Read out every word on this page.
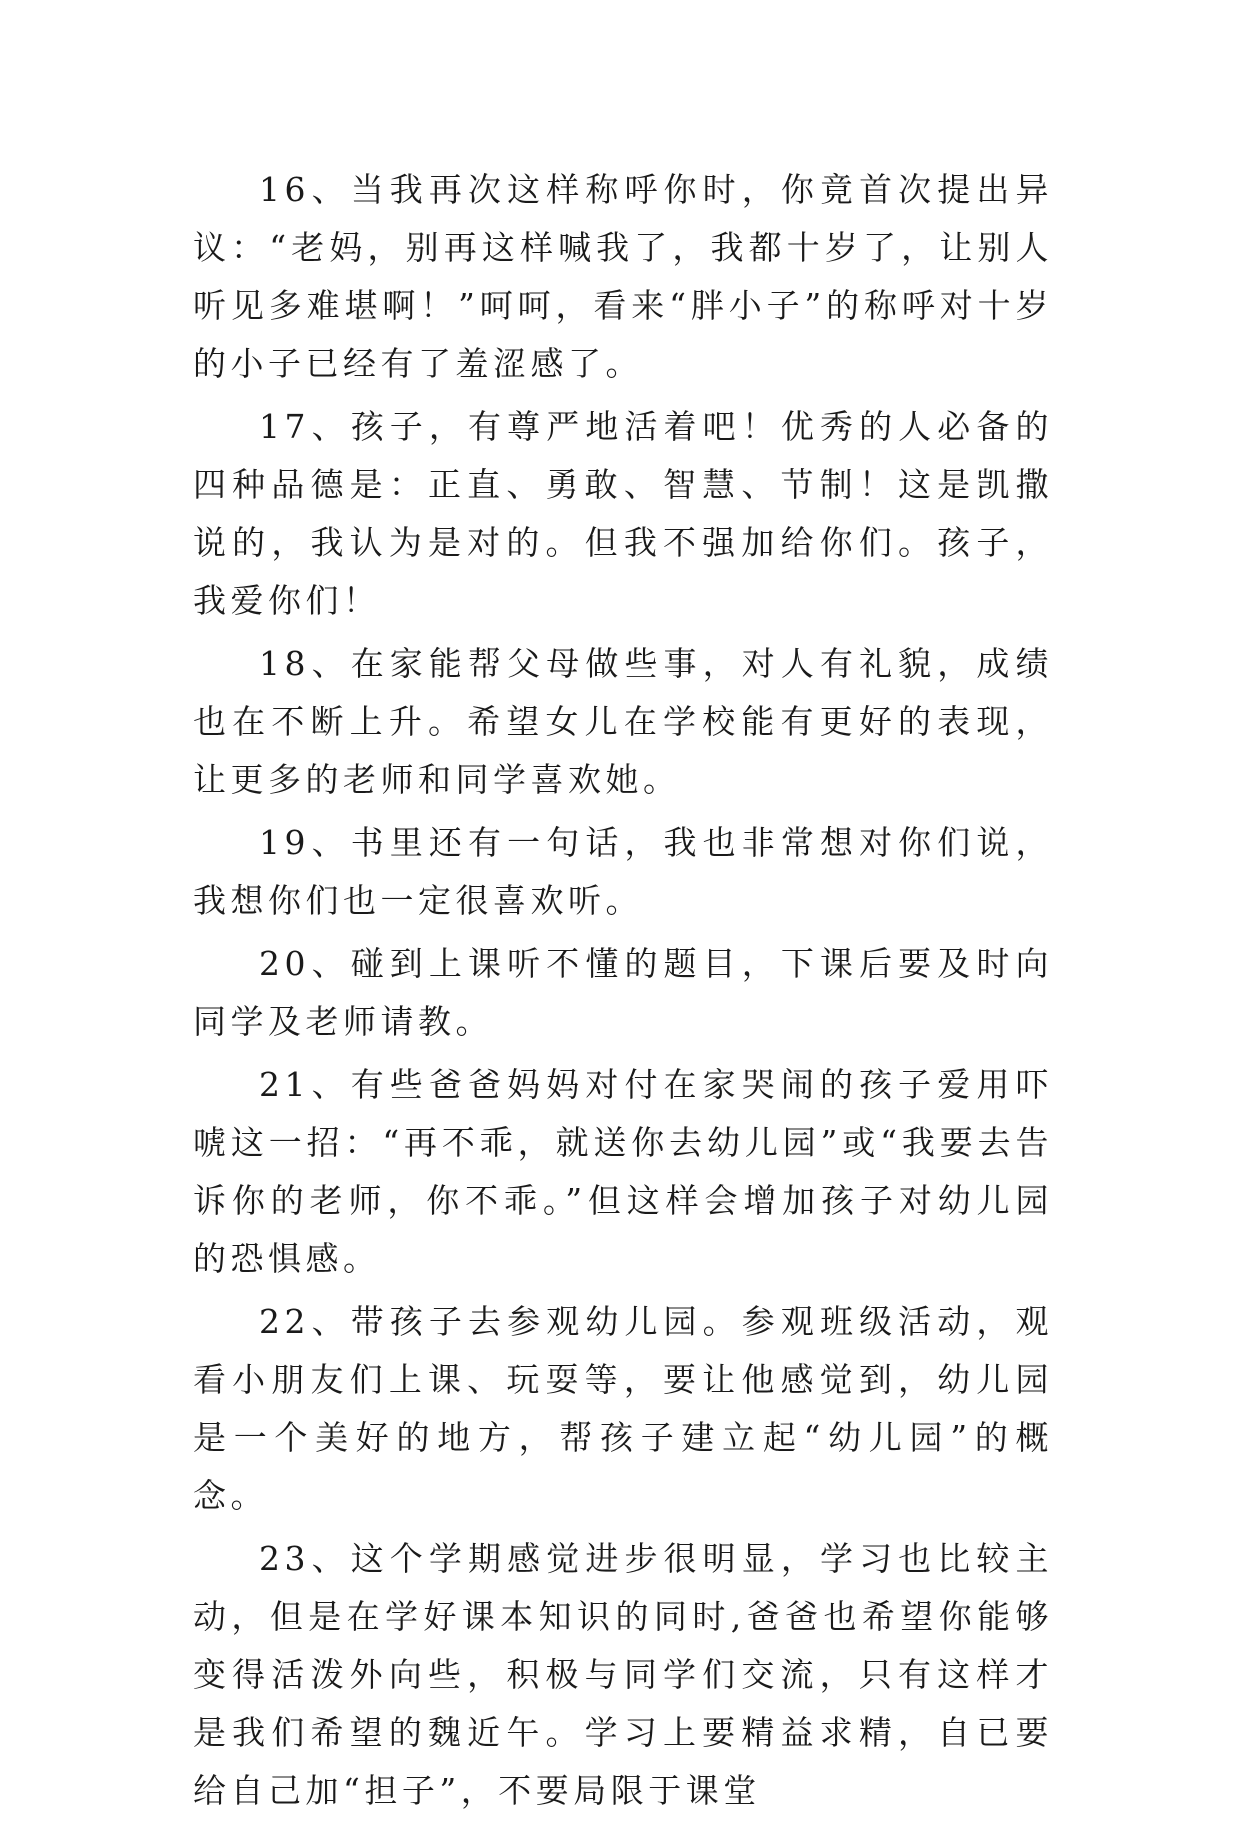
16、当我再次这样称呼你时，你竟首次提出异议：“老妈，别再这样喊我了，我都十岁了，让别人听见多难堪啊！”呵呵，看来“胖小子”的称呼对十岁的小子已经有了羞涩感了。

17、孩子，有尊严地活着吧！优秀的人必备的四种品德是：正直、勇敢、智慧、节制！这是凯撒说的，我认为是对的。但我不强加给你们。孩子，我爱你们！

18、在家能帮父母做些事，对人有礼貌，成绩也在不断上升。希望女儿在学校能有更好的表现，让更多的老师和同学喜欢她。

19、书里还有一句话，我也非常想对你们说，我想你们也一定很喜欢听。

20、碰到上课听不懂的题目，下课后要及时向同学及老师请教。

21、有些爸爸妈妈对付在家哭闹的孩子爱用吓唬这一招：“再不乖，就送你去幼儿园”或“我要去告诉你的老师，你不乖。”但这样会增加孩子对幼儿园的恐惧感。

22、带孩子去参观幼儿园。参观班级活动，观看小朋友们上课、玩耍等，要让他感觉到，幼儿园是一个美好的地方，帮孩子建立起“幼儿园”的概念。

23、这个学期感觉进步很明显，学习也比较主动，但是在学好课本知识的同时,爸爸也希望你能够变得活泼外向些，积极与同学们交流，只有这样才是我们希望的魏近午。学习上要精益求精，自已要给自己加“担子”，不要局限于课堂
